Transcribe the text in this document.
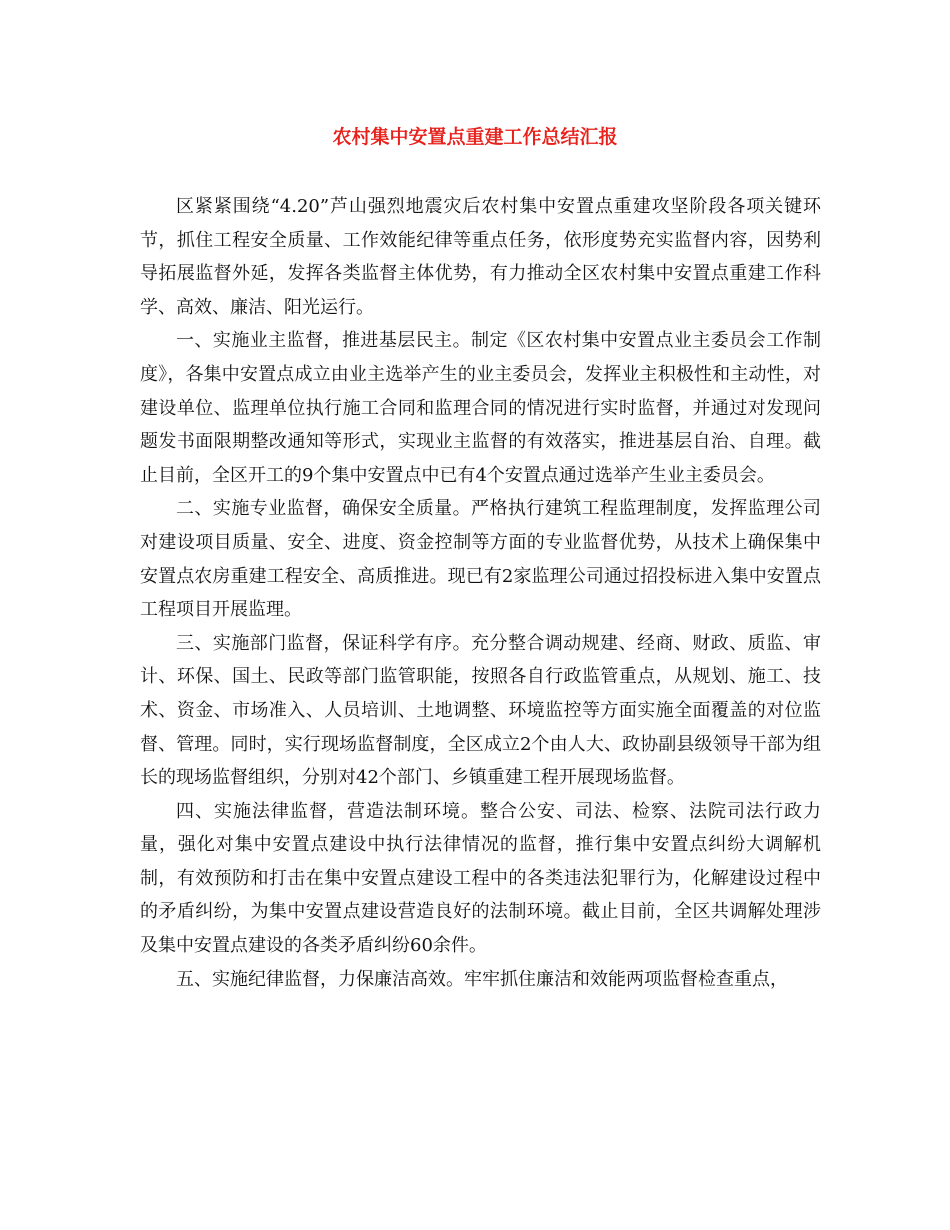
农村集中安置点重建工作总结汇报

区紧紧围绕“4.20”芦山强烈地震灾后农村集中安置点重建攻坚阶段各项关键环节，抓住工程安全质量、工作效能纪律等重点任务，依形度势充实监督内容，因势利导拓展监督外延，发挥各类监督主体优势，有力推动全区农村集中安置点重建工作科学、高效、廉洁、阳光运行。

一、实施业主监督，推进基层民主。制定《区农村集中安置点业主委员会工作制度》，各集中安置点成立由业主选举产生的业主委员会，发挥业主积极性和主动性，对建设单位、监理单位执行施工合同和监理合同的情况进行实时监督，并通过对发现问题发书面限期整改通知等形式，实现业主监督的有效落实，推进基层自治、自理。截止目前，全区开工的9个集中安置点中已有4个安置点通过选举产生业主委员会。

二、实施专业监督，确保安全质量。严格执行建筑工程监理制度，发挥监理公司对建设项目质量、安全、进度、资金控制等方面的专业监督优势，从技术上确保集中安置点农房重建工程安全、高质推进。现已有2家监理公司通过招投标进入集中安置点工程项目开展监理。

三、实施部门监督，保证科学有序。充分整合调动规建、经商、财政、质监、审计、环保、国土、民政等部门监管职能，按照各自行政监管重点，从规划、施工、技术、资金、市场准入、人员培训、土地调整、环境监控等方面实施全面覆盖的对位监督、管理。同时，实行现场监督制度，全区成立2个由人大、政协副县级领导干部为组长的现场监督组织，分别对42个部门、乡镇重建工程开展现场监督。

四、实施法律监督，营造法制环境。整合公安、司法、检察、法院司法行政力量，强化对集中安置点建设中执行法律情况的监督，推行集中安置点纠纷大调解机制，有效预防和打击在集中安置点建设工程中的各类违法犯罪行为，化解建设过程中的矛盾纠纷，为集中安置点建设营造良好的法制环境。截止目前，全区共调解处理涉及集中安置点建设的各类矛盾纠纷60余件。

五、实施纪律监督，力保廉洁高效。牢牢抓住廉洁和效能两项监督检查重点，
